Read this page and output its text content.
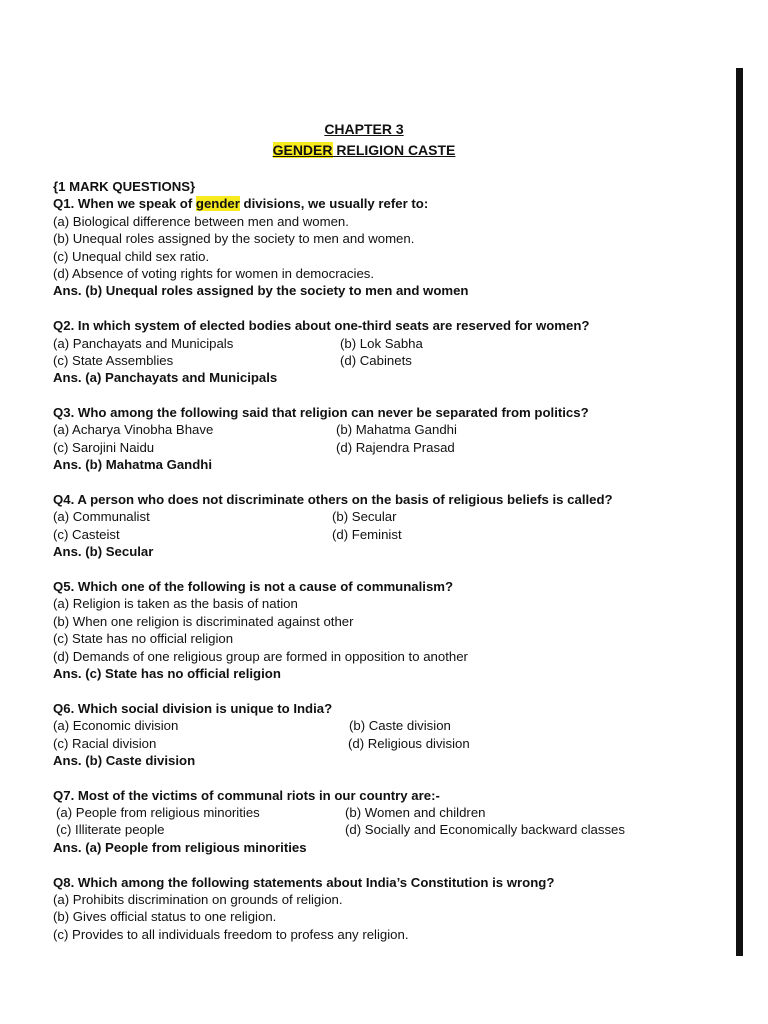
CHAPTER 3
GENDER RELIGION CASTE
{1 MARK QUESTIONS}
Q1. When we speak of gender divisions, we usually refer to:
(a) Biological difference between men and women.
(b) Unequal roles assigned by the society to men and women.
(c) Unequal child sex ratio.
(d) Absence of voting rights for women in democracies.
Ans. (b) Unequal roles assigned by the society to men and women
Q2. In which system of elected bodies about one-third seats are reserved for women?
(a) Panchayats and Municipals	(b) Lok Sabha
(c) State Assemblies	(d) Cabinets
Ans. (a) Panchayats and Municipals
Q3. Who among the following said that religion can never be separated from politics?
(a) Acharya Vinobha Bhave	(b) Mahatma Gandhi
(c) Sarojini Naidu	(d) Rajendra Prasad
Ans. (b) Mahatma Gandhi
Q4. A person who does not discriminate others on the basis of religious beliefs is called?
(a) Communalist	(b) Secular
(c) Casteist	(d) Feminist
Ans. (b) Secular
Q5. Which one of the following is not a cause of communalism?
(a) Religion is taken as the basis of nation
(b) When one religion is discriminated against other
(c) State has no official religion
(d) Demands of one religious group are formed in opposition to another
Ans. (c) State has no official religion
Q6. Which social division is unique to India?
(a) Economic division	(b) Caste division
(c) Racial division	(d) Religious division
Ans. (b) Caste division
Q7. Most of the victims of communal riots in our country are:-
(a) People from religious minorities	(b) Women and children
(c) Illiterate people	(d) Socially and Economically backward classes
Ans. (a) People from religious minorities
Q8. Which among the following statements about India’s Constitution is wrong?
(a) Prohibits discrimination on grounds of religion.
(b) Gives official status to one religion.
(c) Provides to all individuals freedom to profess any religion.
